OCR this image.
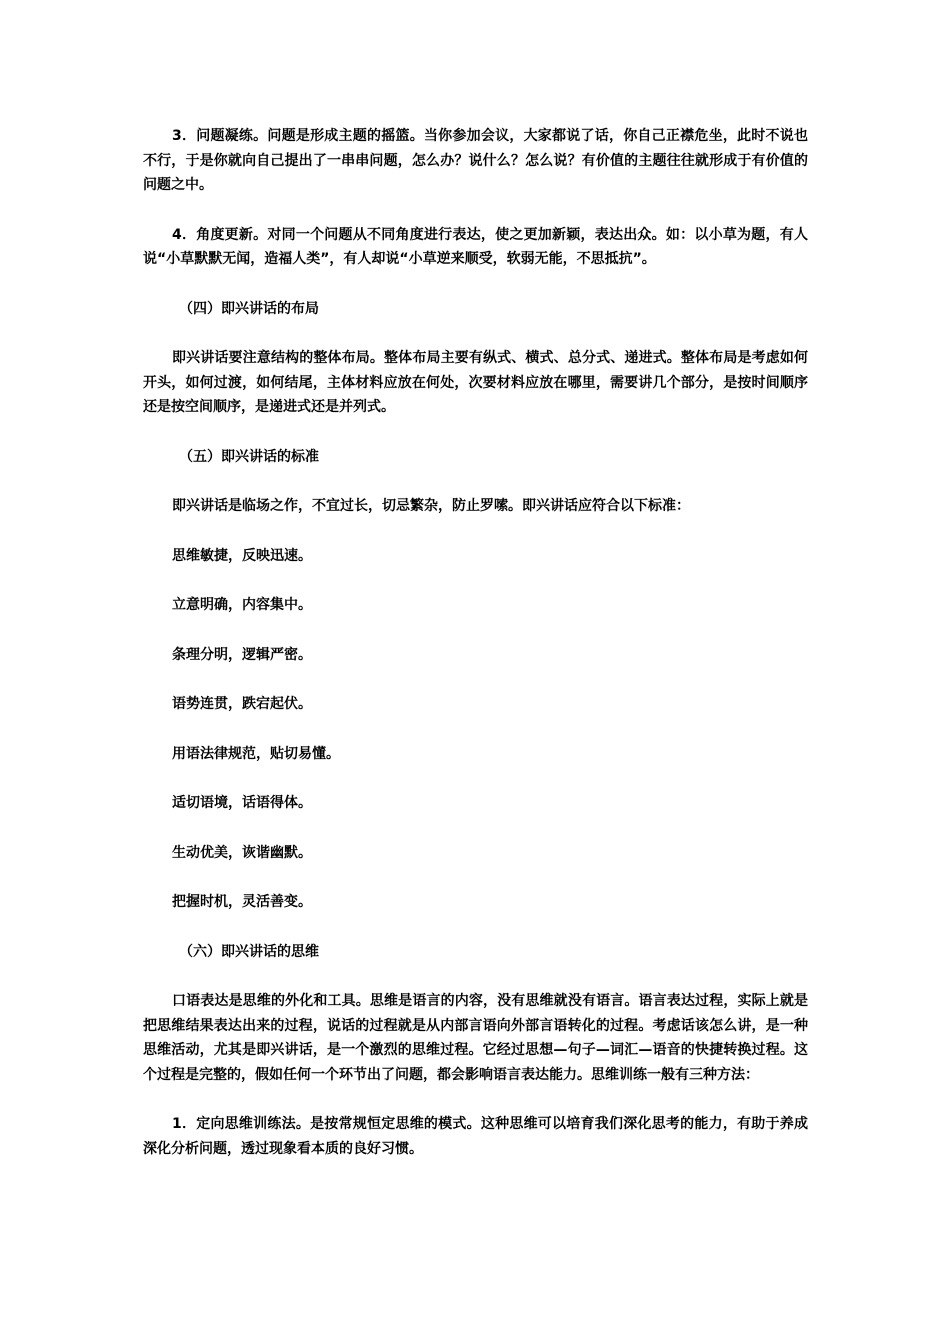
3．问题凝练。问题是形成主题的摇篮。当你参加会议，大家都说了话，你自己正襟危坐，此时不说也不行，于是你就向自己提出了一串串问题，怎么办？说什么？怎么说？有价值的主题往往就形成于有价值的问题之中。

4．角度更新。对同一个问题从不同角度进行表达，使之更加新颖，表达出众。如：以小草为题，有人说“小草默默无闻，造福人类”，有人却说“小草逆来顺受，软弱无能，不思抵抗”。

（四）即兴讲话的布局

即兴讲话要注意结构的整体布局。整体布局主要有纵式、横式、总分式、递进式。整体布局是考虑如何开头，如何过渡，如何结尾，主体材料应放在何处，次要材料应放在哪里，需要讲几个部分，是按时间顺序还是按空间顺序，是递进式还是并列式。

（五）即兴讲话的标准

即兴讲话是临场之作，不宜过长，切忌繁杂，防止罗嗦。即兴讲话应符合以下标准：

思维敏捷，反映迅速。

立意明确，内容集中。

条理分明，逻辑严密。

语势连贯，跌宕起伏。

用语法律规范，贴切易懂。

适切语境，话语得体。

生动优美，诙谐幽默。

把握时机，灵活善变。

（六）即兴讲话的思维

口语表达是思维的外化和工具。思维是语言的内容，没有思维就没有语言。语言表达过程，实际上就是把思维结果表达出来的过程，说话的过程就是从内部言语向外部言语转化的过程。考虑话该怎么讲，是一种思维活动，尤其是即兴讲话，是一个激烈的思维过程。它经过思想—句子—词汇—语音的快捷转换过程。这个过程是完整的，假如任何一个环节出了问题，都会影响语言表达能力。思维训练一般有三种方法：

1．定向思维训练法。是按常规恒定思维的模式。这种思维可以培育我们深化思考的能力，有助于养成深化分析问题，透过现象看本质的良好习惯。
